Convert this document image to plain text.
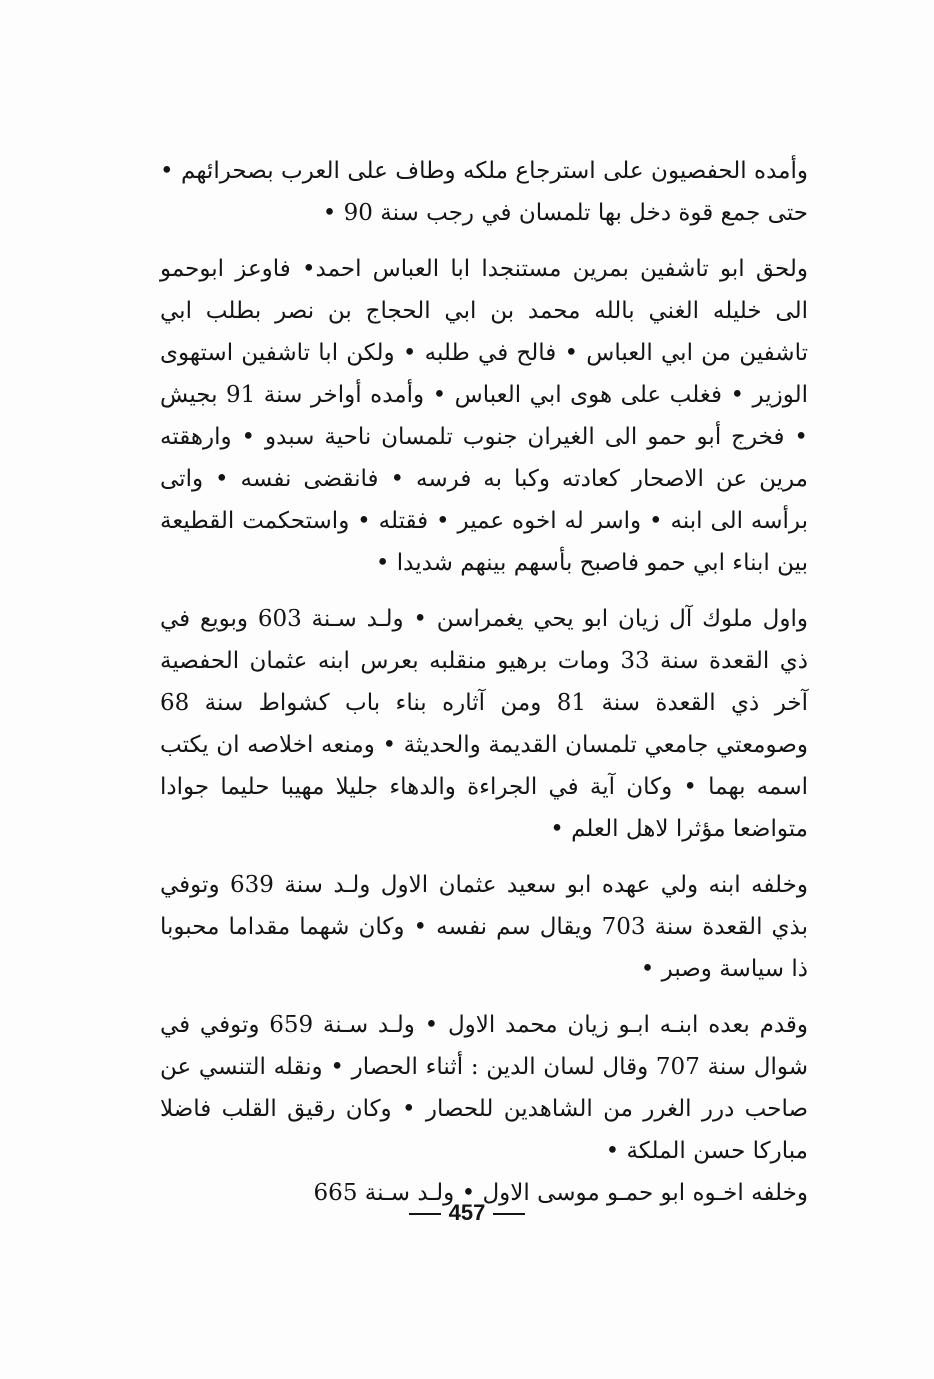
وأمده الحفصيون على استرجاع ملكه وطاف على العرب بصحرائهم • حتى جمع قوة دخل بها تلمسان في رجب سنة 90 •

ولحق ابو تاشفين بمرين مستنجدا ابا العباس احمد• فاوعز ابوحمو الى خليله الغني بالله محمد بن ابي الحجاج بن نصر بطلب ابي تاشفين من ابي العباس • فالح في طلبه • ولكن ابا تاشفين استهوى الوزير • فغلب على هوى ابي العباس • وأمده أواخر سنة 91 بجيش • فخرج أبو حمو الى الغيران جنوب تلمسان ناحية سبدو • وارهقته مرين عن الاصحار كعادته وكبا به فرسه • فانقضى نفسه • واتى برأسه الى ابنه • واسر له اخوه عمير • فقتله • واستحكمت القطيعة بين ابناء ابي حمو فاصبح بأسهم بينهم شديدا •

واول ملوك آل زيان ابو يحي يغمراسن • ولـد سـنة 603 وبويع في ذي القعدة سنة 33 ومات برهيو منقلبه بعرس ابنه عثمان الحفصية آخر ذي القعدة سنة 81 ومن آثاره بناء باب كشواط سنة 68 وصومعتي جامعي تلمسان القديمة والحديثة • ومنعه اخلاصه ان يكتب اسمه بهما • وكان آية في الجراءة والدهاء جليلا مهيبا حليما جوادا متواضعا مؤثرا لاهل العلم •

وخلفه ابنه ولي عهده ابو سعيد عثمان الاول ولـد سنة 639 وتوفي بذي القعدة سنة 703 ويقال سم نفسه • وكان شهما مقداما محبوبا ذا سياسة وصبر •

وقدم بعده ابنـه ابـو زيان محمد الاول • ولـد سـنة 659 وتوفي في شوال سنة 707 وقال لسان الدين : أثناء الحصار • ونقله التنسي عن صاحب درر الغرر من الشاهدين للحصار • وكان رقيق القلب فاضلا مباركا حسن الملكة •

وخلفه اخـوه ابو حمـو موسى الاول • ولـد سـنة 665

457
